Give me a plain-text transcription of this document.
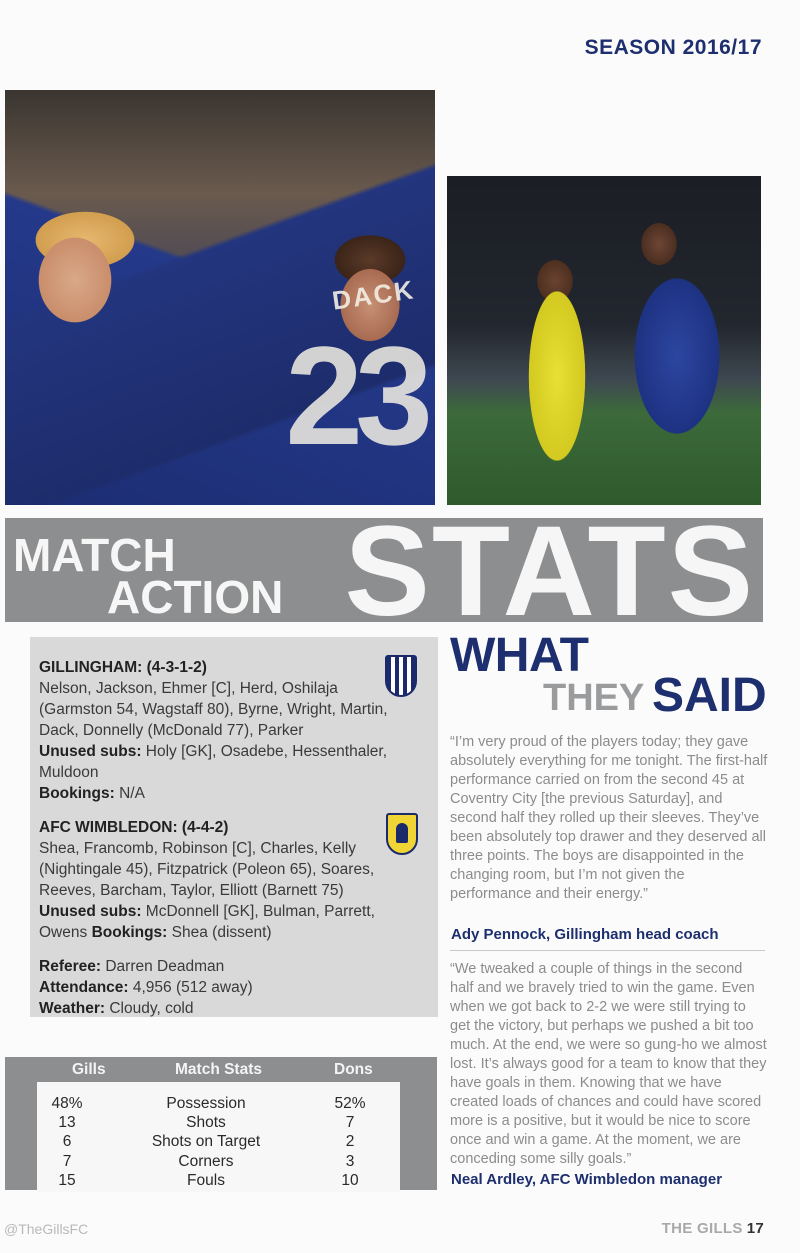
SEASON 2016/17
DACK
23
STATS
MATCH
ACTION

GILLINGHAM: (4-3-1-2)

Nelson, Jackson, Ehmer [C], Herd, Oshilaja (Garmston 54, Wagstaff 80), Byrne, Wright, Martin, Dack, Donnelly (McDonald 77), Parker

Unused subs: Holy [GK], Osadebe, Hessenthaler, Muldoon

Bookings: N/A

AFC WIMBLEDON: (4-4-2)

Shea, Francomb, Robinson [C], Charles, Kelly (Nightingale 45), Fitzpatrick (Poleon 65), Soares, Reeves, Barcham, Taylor, Elliott (Barnett 75)
Unused subs: McDonnell [GK], Bulman, Parrett, Owens Bookings: Shea (dissent)

Referee: Darren Deadman

Attendance: 4,956 (512 away)

Weather: Cloudy, cold

Gills	Match Stats	Dons
48%	Possession	52%
13	Shots	7
6	Shots on Target	2
7	Corners	3
15	Fouls	10
WHAT
THEY SAID
“I’m very proud of the players today; they gave absolutely everything for me tonight. The first-half performance carried on from the second 45 at Coventry City [the previous Saturday], and second half they rolled up their sleeves. They’ve been absolutely top drawer and they deserved all three points. The boys are disappointed in the changing room, but I’m not given the performance and their energy.”
Ady Pennock, Gillingham head coach
“We tweaked a couple of things in the second half and we bravely tried to win the game. Even when we got back to 2-2 we were still trying to get the victory, but perhaps we pushed a bit too much. At the end, we were so gung-ho we almost lost. It’s always good for a team to know that they have goals in them. Knowing that we have created loads of chances and could have scored more is a positive, but it would be nice to score once and win a game. At the moment, we are conceding some silly goals.”
Neal Ardley, AFC Wimbledon manager
@TheGillsFC	THE GILLS 17
